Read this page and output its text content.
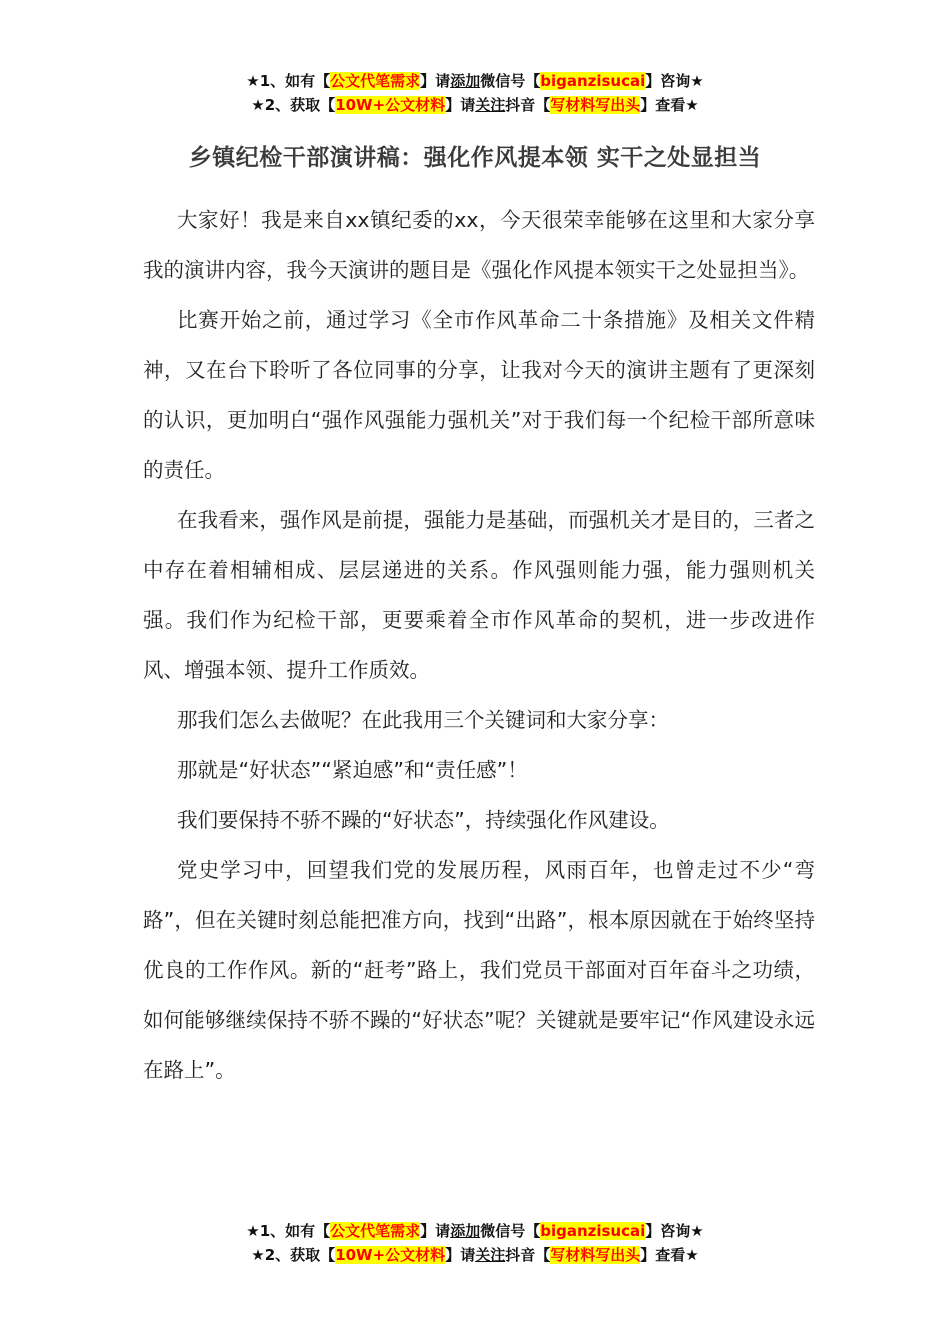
★1、如有【公文代笔需求】请添加微信号【biganzisucai】咨询★
★2、获取【10W+公文材料】请关注抖音【写材料写出头】查看★
乡镇纪检干部演讲稿：强化作风提本领 实干之处显担当

大家好！我是来自xx镇纪委的xx，今天很荣幸能够在这里和大家分享我的演讲内容，我今天演讲的题目是《强化作风提本领实干之处显担当》。

比赛开始之前，通过学习《全市作风革命二十条措施》及相关文件精神，又在台下聆听了各位同事的分享，让我对今天的演讲主题有了更深刻的认识，更加明白“强作风强能力强机关”对于我们每一个纪检干部所意味的责任。

在我看来，强作风是前提，强能力是基础，而强机关才是目的，三者之中存在着相辅相成、层层递进的关系。作风强则能力强，能力强则机关强。我们作为纪检干部，更要乘着全市作风革命的契机，进一步改进作风、增强本领、提升工作质效。

那我们怎么去做呢？在此我用三个关键词和大家分享：

那就是“好状态”“紧迫感”和“责任感”！

我们要保持不骄不躁的“好状态”，持续强化作风建设。

党史学习中，回望我们党的发展历程，风雨百年，也曾走过不少“弯路”，但在关键时刻总能把准方向，找到“出路”，根本原因就在于始终坚持优良的工作作风。新的“赶考”路上，我们党员干部面对百年奋斗之功绩，如何能够继续保持不骄不躁的“好状态”呢？关键就是要牢记“作风建设永远在路上”。

★1、如有【公文代笔需求】请添加微信号【biganzisucai】咨询★
★2、获取【10W+公文材料】请关注抖音【写材料写出头】查看★
